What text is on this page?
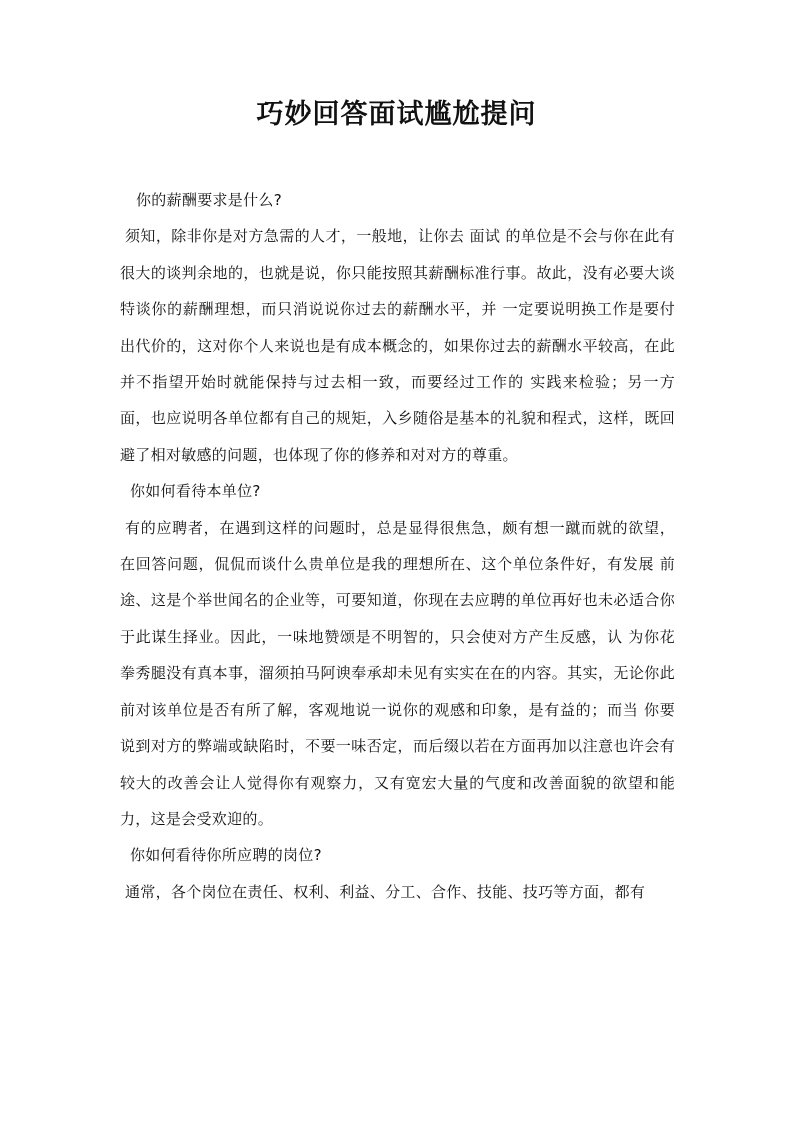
巧妙回答面试尴尬提问

你的薪酬要求是什么?

须知，除非你是对方急需的人才，一般地，让你去 面试 的单位是不会与你在此有很大的谈判余地的，也就是说，你只能按照其薪酬标准行事。故此，没有必要大谈特谈你的薪酬理想，而只消说说你过去的薪酬水平，并 一定要说明换工作是要付出代价的，这对你个人来说也是有成本概念的，如果你过去的薪酬水平较高，在此并不指望开始时就能保持与过去相一致，而要经过工作的 实践来检验；另一方面，也应说明各单位都有自己的规矩，入乡随俗是基本的礼貌和程式，这样，既回避了相对敏感的问题，也体现了你的修养和对对方的尊重。

你如何看待本单位?

有的应聘者，在遇到这样的问题时，总是显得很焦急，颇有想一蹴而就的欲望，在回答问题，侃侃而谈什么贵单位是我的理想所在、这个单位条件好，有发展 前途、这是个举世闻名的企业等，可要知道，你现在去应聘的单位再好也未必适合你于此谋生择业。因此，一味地赞颂是不明智的，只会使对方产生反感，认 为你花拳秀腿没有真本事，溜须拍马阿谀奉承却未见有实实在在的内容。其实，无论你此前对该单位是否有所了解，客观地说一说你的观感和印象，是有益的；而当 你要说到对方的弊端或缺陷时，不要一味否定，而后缀以若在方面再加以注意也许会有较大的改善会让人觉得你有观察力，又有宽宏大量的气度和改善面貌的欲望和能力，这是会受欢迎的。

你如何看待你所应聘的岗位?

通常，各个岗位在责任、权利、利益、分工、合作、技能、技巧等方面，都有
